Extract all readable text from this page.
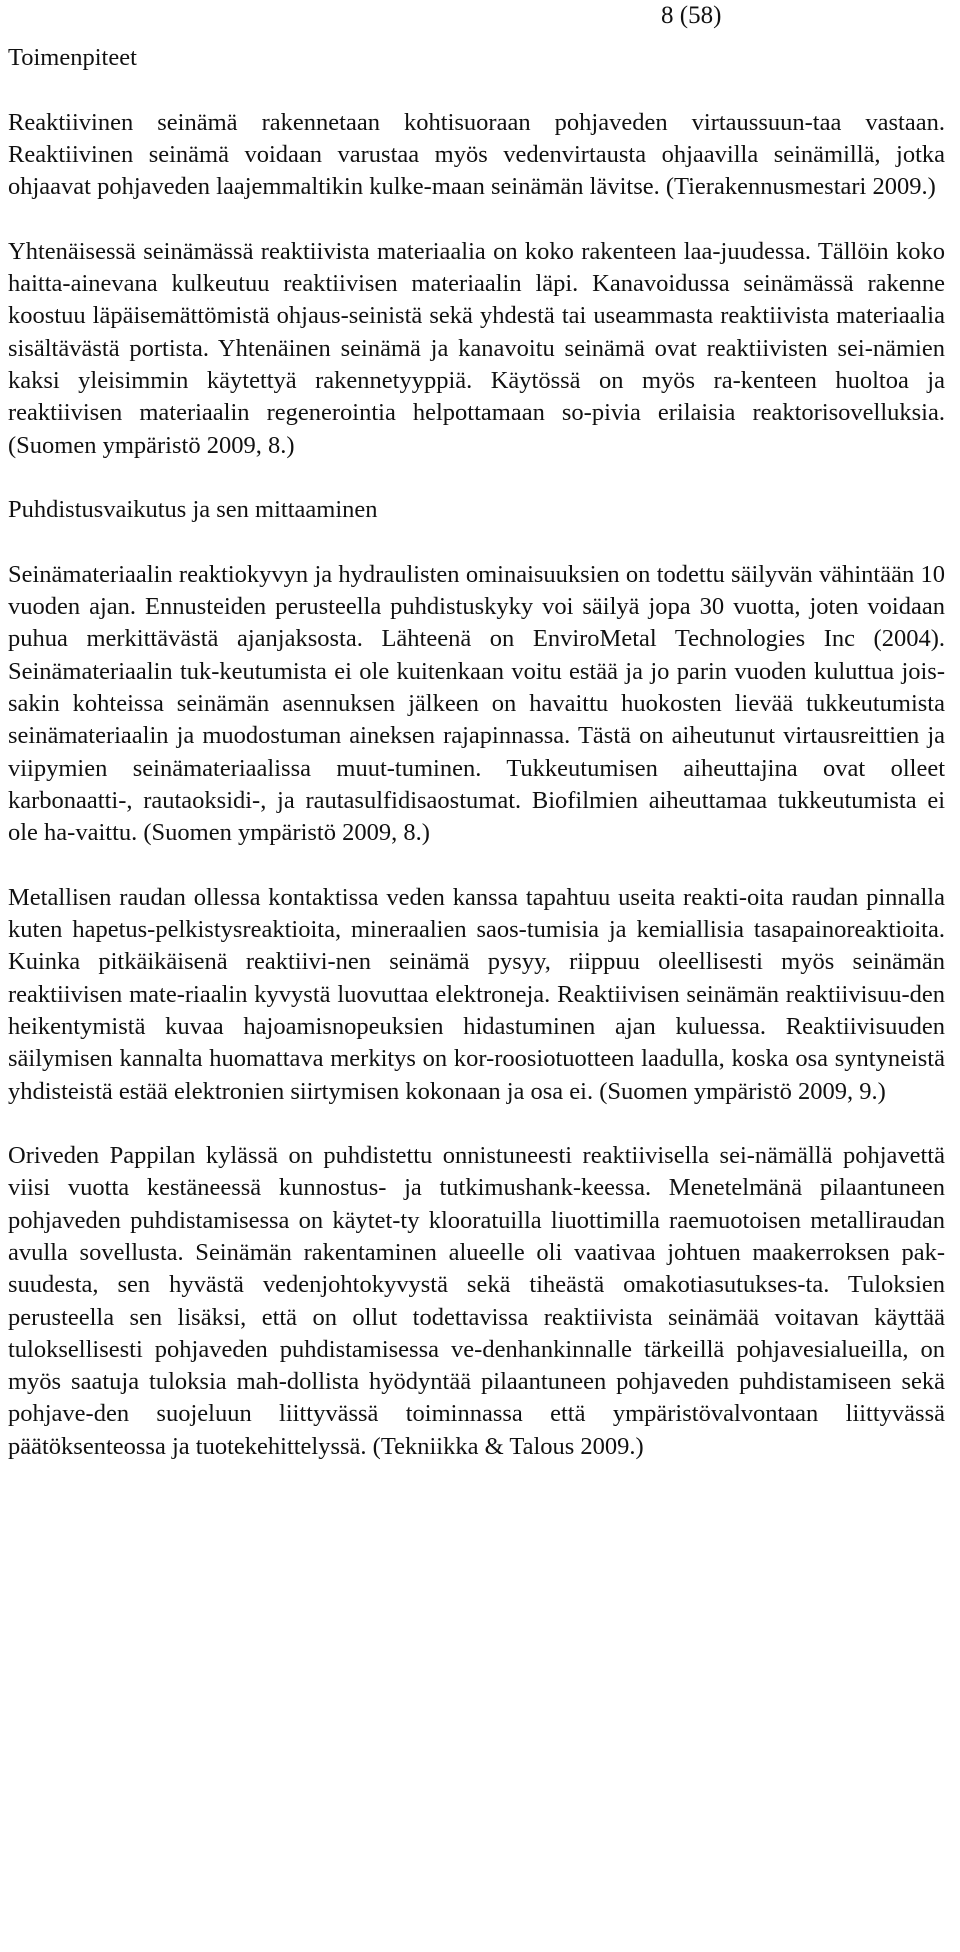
8 (58)
Toimenpiteet

Reaktiivinen seinämä rakennetaan kohtisuoraan pohjaveden virtaussuun-taa vastaan. Reaktiivinen seinämä voidaan varustaa myös vedenvirtausta ohjaavilla seinämillä, jotka ohjaavat pohjaveden laajemmaltikin kulke-maan seinämän lävitse. (Tierakennusmestari 2009.)

Yhtenäisessä seinämässä reaktiivista materiaalia on koko rakenteen laa-juudessa. Tällöin koko haitta-ainevana kulkeutuu reaktiivisen materiaalin läpi. Kanavoidussa seinämässä rakenne koostuu läpäisemättömistä ohjaus-seinistä sekä yhdestä tai useammasta reaktiivista materiaalia sisältävästä portista. Yhtenäinen seinämä ja kanavoitu seinämä ovat reaktiivisten sei-nämien kaksi yleisimmin käytettyä rakennetyyppiä. Käytössä on myös ra-kenteen huoltoa ja reaktiivisen materiaalin regenerointia helpottamaan so-pivia erilaisia reaktorisovelluksia. (Suomen ympäristö 2009, 8.)

Puhdistusvaikutus ja sen mittaaminen

Seinämateriaalin reaktiokyvyn ja hydraulisten ominaisuuksien on todettu säilyvän vähintään 10 vuoden ajan. Ennusteiden perusteella puhdistuskyky voi säilyä jopa 30 vuotta, joten voidaan puhua merkittävästä ajanjaksosta. Lähteenä on EnviroMetal Technologies Inc (2004). Seinämateriaalin tuk-keutumista ei ole kuitenkaan voitu estää ja jo parin vuoden kuluttua jois-sakin kohteissa seinämän asennuksen jälkeen on havaittu huokosten lievää tukkeutumista seinämateriaalin ja muodostuman aineksen rajapinnassa. Tästä on aiheutunut virtausreittien ja viipymien seinämateriaalissa muut-tuminen. Tukkeutumisen aiheuttajina ovat olleet karbonaatti-, rautaoksidi-, ja rautasulfidisaostumat. Biofilmien aiheuttamaa tukkeutumista ei ole ha-vaittu. (Suomen ympäristö 2009, 8.)

Metallisen raudan ollessa kontaktissa veden kanssa tapahtuu useita reakti-oita raudan pinnalla kuten hapetus-pelkistysreaktioita, mineraalien saos-tumisia ja kemiallisia tasapainoreaktioita. Kuinka pitkäikäisenä reaktiivi-nen seinämä pysyy, riippuu oleellisesti myös seinämän reaktiivisen mate-riaalin kyvystä luovuttaa elektroneja. Reaktiivisen seinämän reaktiivisuu-den heikentymistä kuvaa hajoamisnopeuksien hidastuminen ajan kuluessa. Reaktiivisuuden säilymisen kannalta huomattava merkitys on kor-roosiotuotteen laadulla, koska osa syntyneistä yhdisteistä estää elektronien siirtymisen kokonaan ja osa ei. (Suomen ympäristö 2009, 9.)

Oriveden Pappilan kylässä on puhdistettu onnistuneesti reaktiivisella sei-nämällä pohjavettä viisi vuotta kestäneessä kunnostus- ja tutkimushank-keessa. Menetelmänä pilaantuneen pohjaveden puhdistamisessa on käytet-ty klooratuilla liuottimilla raemuotoisen metalliraudan avulla sovellusta. Seinämän rakentaminen alueelle oli vaativaa johtuen maakerroksen pak-suudesta, sen hyvästä vedenjohtokyvystä sekä tiheästä omakotiasutukses-ta. Tuloksien perusteella sen lisäksi, että on ollut todettavissa reaktiivista seinämää voitavan käyttää tuloksellisesti pohjaveden puhdistamisessa ve-denhankinnalle tärkeillä pohjavesialueilla, on myös saatuja tuloksia mah-dollista hyödyntää pilaantuneen pohjaveden puhdistamiseen sekä pohjave-den suojeluun liittyvässä toiminnassa että ympäristövalvontaan liittyvässä päätöksenteossa ja tuotekehittelyssä. (Tekniikka & Talous 2009.)
